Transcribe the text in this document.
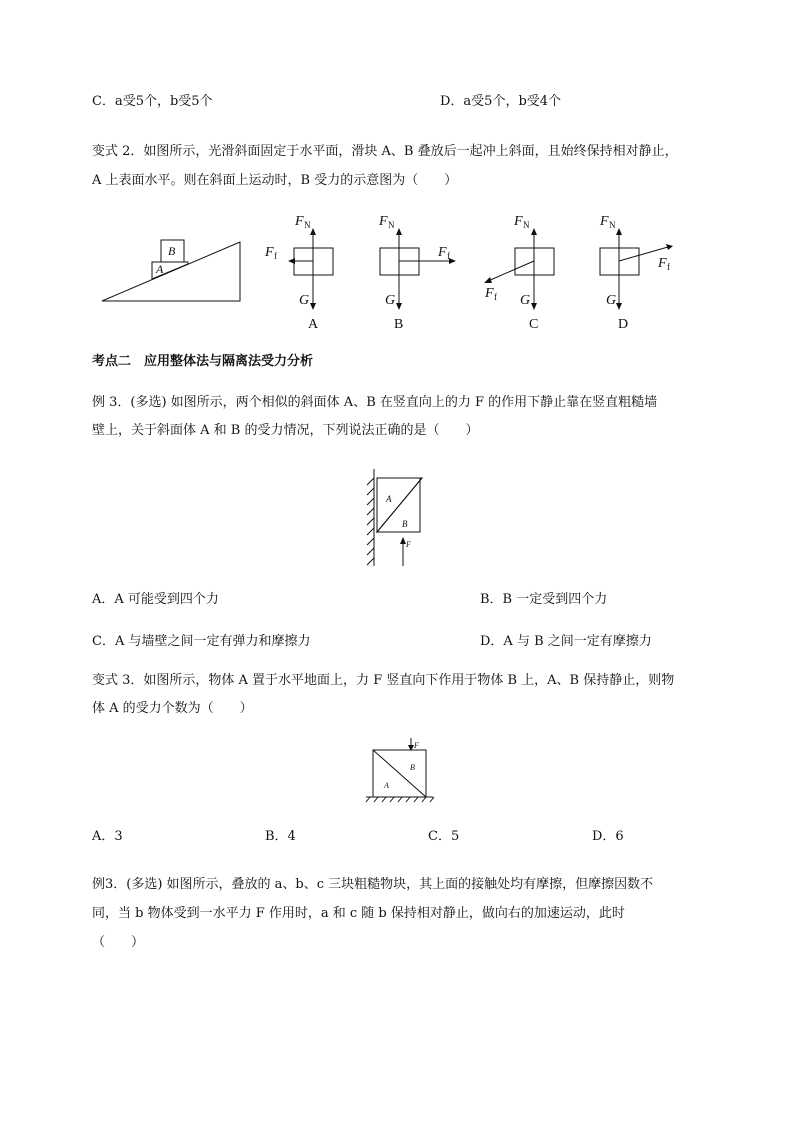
C．a受5个，b受5个	D．a受5个，b受4个
变式 2．如图所示，光滑斜面固定于水平面，滑块 A、B 叠放后一起冲上斜面，且始终保持相对静止，
A 上表面水平。则在斜面上运动时，B 受力的示意图为（　　）
B
A
F N
F f
G
A
F N
F f
G
B
F N
F f G
C
F N
F f
G
D
A
B
F
F
B
A
考点二　应用整体法与隔离法受力分析
例 3．(多选) 如图所示，两个相似的斜面体 A、B 在竖直向上的力 F 的作用下静止靠在竖直粗糙墙
壁上，关于斜面体 A 和 B 的受力情况，下列说法正确的是（　　）
A．A 可能受到四个力	B．B 一定受到四个力
C．A 与墙壁之间一定有弹力和摩擦力	D．A 与 B 之间一定有摩擦力
变式 3．如图所示，物体 A 置于水平地面上，力 F 竖直向下作用于物体 B 上，A、B 保持静止，则物
体 A 的受力个数为（　　）
A．3	B．4	C．5	D．6
例3．(多选) 如图所示，叠放的 a、b、c 三块粗糙物块，其上面的接触处均有摩擦，但摩擦因数不
同，当 b 物体受到一水平力 F 作用时，a 和 c 随 b 保持相对静止，做向右的加速运动，此时
（　　）
